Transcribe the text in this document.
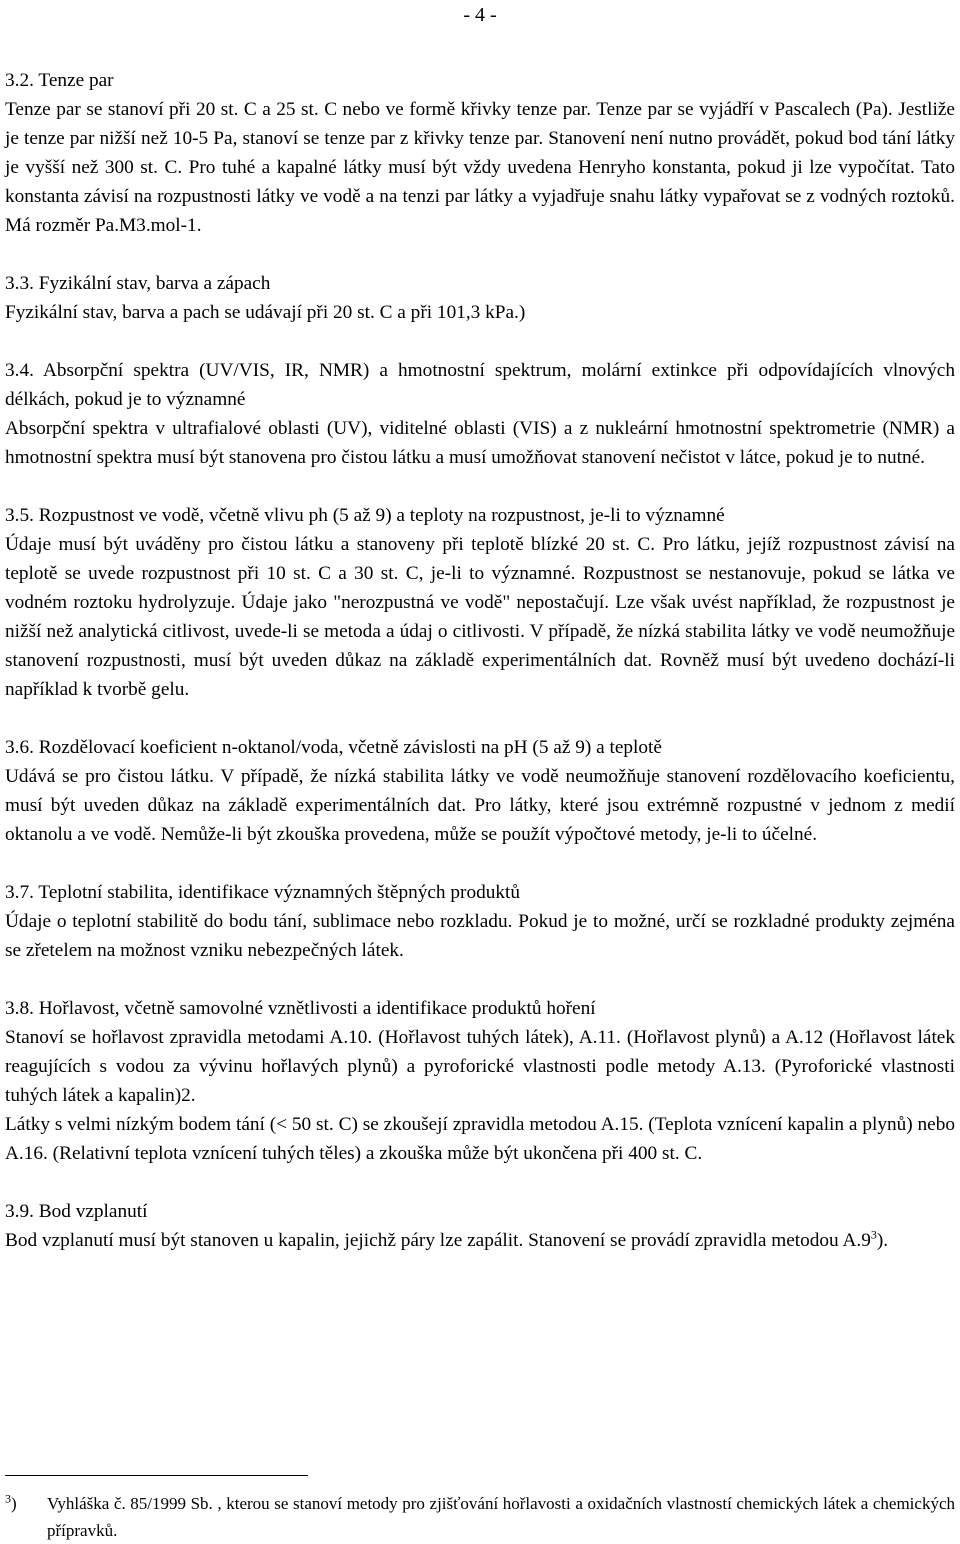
- 4 -

3.2. Tenze par

Tenze par se stanoví při 20 st. C a 25 st. C nebo ve formě křivky tenze par. Tenze par se vyjádří v Pascalech (Pa). Jestliže je tenze par nižší než 10-5 Pa, stanoví se tenze par z křivky tenze par. Stanovení není nutno provádět, pokud bod tání látky je vyšší než 300 st. C. Pro tuhé a kapalné látky musí být vždy uvedena Henryho konstanta, pokud ji lze vypočítat. Tato konstanta závisí na rozpustnosti látky ve vodě a na tenzi par látky a vyjadřuje snahu látky vypařovat se z vodných roztoků. Má rozměr Pa.M3.mol-1.

3.3. Fyzikální stav, barva a zápach

Fyzikální stav, barva a pach se udávají při 20 st. C a při 101,3 kPa.)

3.4. Absorpční spektra (UV/VIS, IR, NMR) a hmotnostní spektrum, molární extinkce při odpovídajících vlnových délkách, pokud je to významné

Absorpční spektra v ultrafialové oblasti (UV), viditelné oblasti (VIS) a z nukleární hmotnostní spektrometrie (NMR) a hmotnostní spektra musí být stanovena pro čistou látku a musí umožňovat stanovení nečistot v látce, pokud je to nutné.

3.5. Rozpustnost ve vodě, včetně vlivu ph (5 až 9) a teploty na rozpustnost, je-li to významné

Údaje musí být uváděny pro čistou látku a stanoveny při teplotě blízké 20 st. C. Pro látku, jejíž rozpustnost závisí na teplotě se uvede rozpustnost při 10 st. C a 30 st. C, je-li to významné. Rozpustnost se nestanovuje, pokud se látka ve vodném roztoku hydrolyzuje. Údaje jako "nerozpustná ve vodě" nepostačují. Lze však uvést například, že rozpustnost je nižší než analytická citlivost, uvede-li se metoda a údaj o citlivosti. V případě, že nízká stabilita látky ve vodě neumožňuje stanovení rozpustnosti, musí být uveden důkaz na základě experimentálních dat. Rovněž musí být uvedeno dochází-li například k tvorbě gelu.

3.6. Rozdělovací koeficient n-oktanol/voda, včetně závislosti na pH (5 až 9) a teplotě

Udává se pro čistou látku. V případě, že nízká stabilita látky ve vodě neumožňuje stanovení rozdělovacího koeficientu, musí být uveden důkaz na základě experimentálních dat. Pro látky, které jsou extrémně rozpustné v jednom z medií oktanolu a ve vodě. Nemůže-li být zkouška provedena, může se použít výpočtové metody, je-li to účelné.

3.7. Teplotní stabilita, identifikace významných štěpných produktů

Údaje o teplotní stabilitě do bodu tání, sublimace nebo rozkladu. Pokud je to možné, určí se rozkladné produkty zejména se zřetelem na možnost vzniku nebezpečných látek.

3.8. Hořlavost, včetně samovolné vznětlivosti a identifikace produktů hoření

Stanoví se hořlavost zpravidla metodami A.10. (Hořlavost tuhých látek), A.11. (Hořlavost plynů) a A.12 (Hořlavost látek reagujících s vodou za vývinu hořlavých plynů) a pyroforické vlastnosti podle metody A.13. (Pyroforické vlastnosti tuhých látek a kapalin)2.

Látky s velmi nízkým bodem tání (< 50 st. C) se zkoušejí zpravidla metodou A.15. (Teplota vznícení kapalin a plynů) nebo A.16. (Relativní teplota vznícení tuhých těles) a zkouška může být ukončena při 400 st. C.

3.9. Bod vzplanutí

Bod vzplanutí musí být stanoven u kapalin, jejichž páry lze zapálit. Stanovení se provádí zpravidla metodou $A.9^3$).

$^3$)	Vyhláška č. 85/1999 Sb. , kterou se stanoví metody pro zjišťování hořlavosti a oxidačních vlastností chemických látek a chemických přípravků.
